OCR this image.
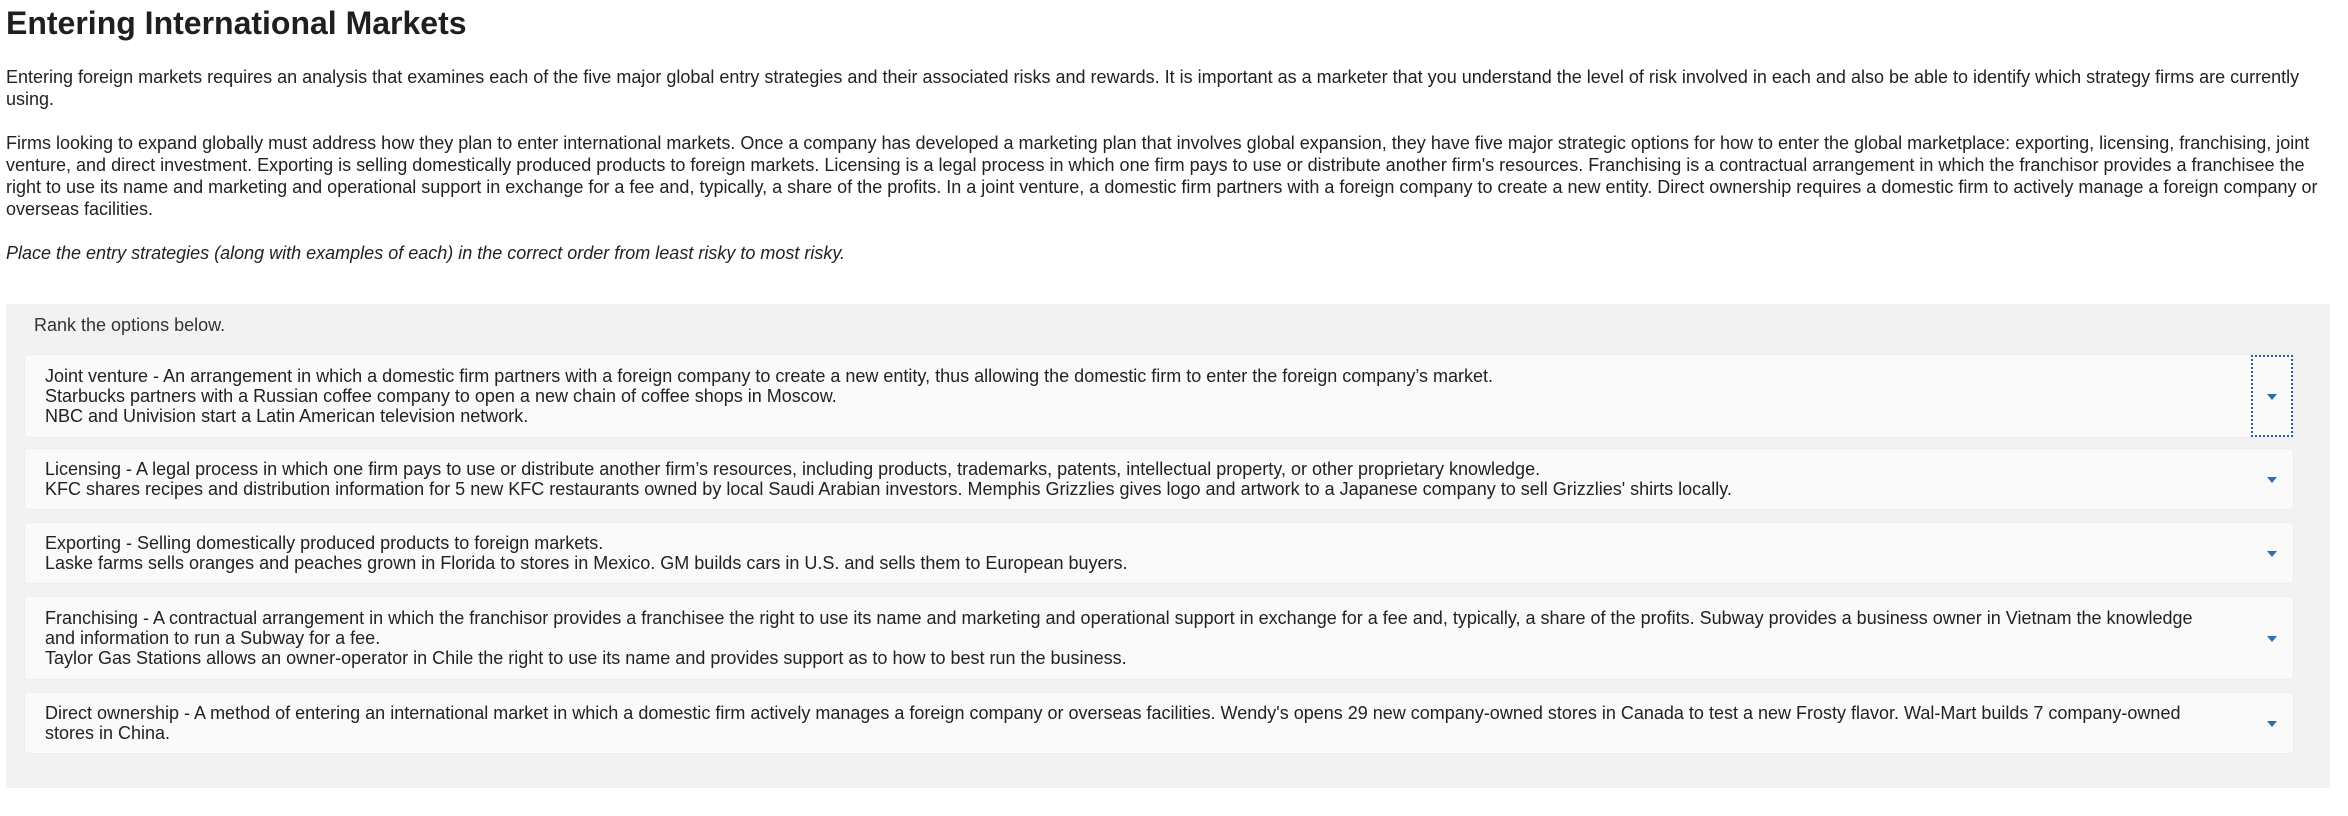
Entering International Markets

Entering foreign markets requires an analysis that examines each of the five major global entry strategies and their associated risks and rewards. It is important as a marketer that you understand the level of risk involved in each and also be able to identify which strategy firms are currently using.

Firms looking to expand globally must address how they plan to enter international markets. Once a company has developed a marketing plan that involves global expansion, they have five major strategic options for how to enter the global marketplace: exporting, licensing, franchising, joint venture, and direct investment. Exporting is selling domestically produced products to foreign markets. Licensing is a legal process in which one firm pays to use or distribute another firm's resources. Franchising is a contractual arrangement in which the franchisor provides a franchisee the right to use its name and marketing and operational support in exchange for a fee and, typically, a share of the profits. In a joint venture, a domestic firm partners with a foreign company to create a new entity. Direct ownership requires a domestic firm to actively manage a foreign company or overseas facilities.

Place the entry strategies (along with examples of each) in the correct order from least risky to most risky.

Rank the options below.
Joint venture - An arrangement in which a domestic firm partners with a foreign company to create a new entity, thus allowing the domestic firm to enter the foreign company’s market.
Starbucks partners with a Russian coffee company to open a new chain of coffee shops in Moscow.
NBC and Univision start a Latin American television network.
Licensing - A legal process in which one firm pays to use or distribute another firm’s resources, including products, trademarks, patents, intellectual property, or other proprietary knowledge.
KFC shares recipes and distribution information for 5 new KFC restaurants owned by local Saudi Arabian investors. Memphis Grizzlies gives logo and artwork to a Japanese company to sell Grizzlies' shirts locally.
Exporting - Selling domestically produced products to foreign markets.
Laske farms sells oranges and peaches grown in Florida to stores in Mexico. GM builds cars in U.S. and sells them to European buyers.
Franchising - A contractual arrangement in which the franchisor provides a franchisee the right to use its name and marketing and operational support in exchange for a fee and, typically, a share of the profits. Subway provides a business owner in Vietnam the knowledge and information to run a Subway for a fee.
Taylor Gas Stations allows an owner-operator in Chile the right to use its name and provides support as to how to best run the business.
Direct ownership - A method of entering an international market in which a domestic firm actively manages a foreign company or overseas facilities. Wendy's opens 29 new company-owned stores in Canada to test a new Frosty flavor. Wal-Mart builds 7 company-owned stores in China.
